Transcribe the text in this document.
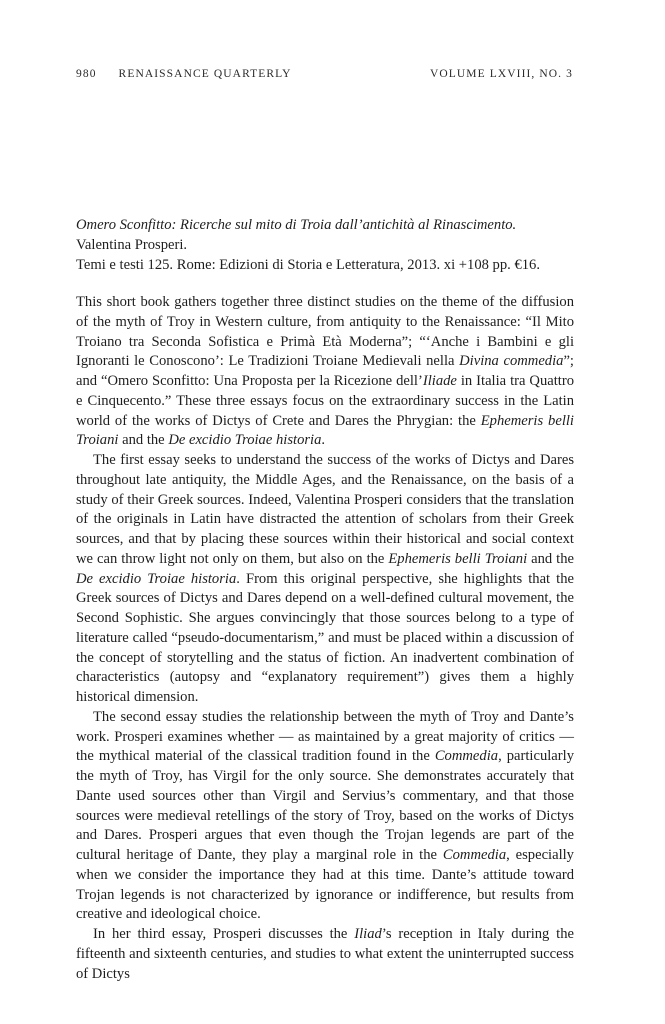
980 RENAISSANCE QUARTERLY	VOLUME LXVIII, NO. 3
Omero Sconfitto: Ricerche sul mito di Troia dall’antichità al Rinascimento.
Valentina Prosperi.
Temi e testi 125. Rome: Edizioni di Storia e Letteratura, 2013. xi +108 pp. €16.

This short book gathers together three distinct studies on the theme of the diffusion of the myth of Troy in Western culture, from antiquity to the Renaissance: “Il Mito Troiano tra Seconda Sofistica e Primà Età Moderna”; “‘Anche i Bambini e gli Ignoranti le Conoscono’: Le Tradizioni Troiane Medievali nella Divina commedia”; and “Omero Sconfitto: Una Proposta per la Ricezione dell’Iliade in Italia tra Quattro e Cinquecento.” These three essays focus on the extraordinary success in the Latin world of the works of Dictys of Crete and Dares the Phrygian: the Ephemeris belli Troiani and the De excidio Troiae historia.

The first essay seeks to understand the success of the works of Dictys and Dares throughout late antiquity, the Middle Ages, and the Renaissance, on the basis of a study of their Greek sources. Indeed, Valentina Prosperi considers that the translation of the originals in Latin have distracted the attention of scholars from their Greek sources, and that by placing these sources within their historical and social context we can throw light not only on them, but also on the Ephemeris belli Troiani and the De excidio Troiae historia. From this original perspective, she highlights that the Greek sources of Dictys and Dares depend on a well-defined cultural movement, the Second Sophistic. She argues convincingly that those sources belong to a type of literature called “pseudo-documentarism,” and must be placed within a discussion of the concept of storytelling and the status of fiction. An inadvertent combination of characteristics (autopsy and “explanatory requirement”) gives them a highly historical dimension.

The second essay studies the relationship between the myth of Troy and Dante’s work. Prosperi examines whether — as maintained by a great majority of critics — the mythical material of the classical tradition found in the Commedia, particularly the myth of Troy, has Virgil for the only source. She demonstrates accurately that Dante used sources other than Virgil and Servius’s commentary, and that those sources were medieval retellings of the story of Troy, based on the works of Dictys and Dares. Prosperi argues that even though the Trojan legends are part of the cultural heritage of Dante, they play a marginal role in the Commedia, especially when we consider the importance they had at this time. Dante’s attitude toward Trojan legends is not characterized by ignorance or indifference, but results from creative and ideological choice.

In her third essay, Prosperi discusses the Iliad’s reception in Italy during the fifteenth and sixteenth centuries, and studies to what extent the uninterrupted success of Dictys
